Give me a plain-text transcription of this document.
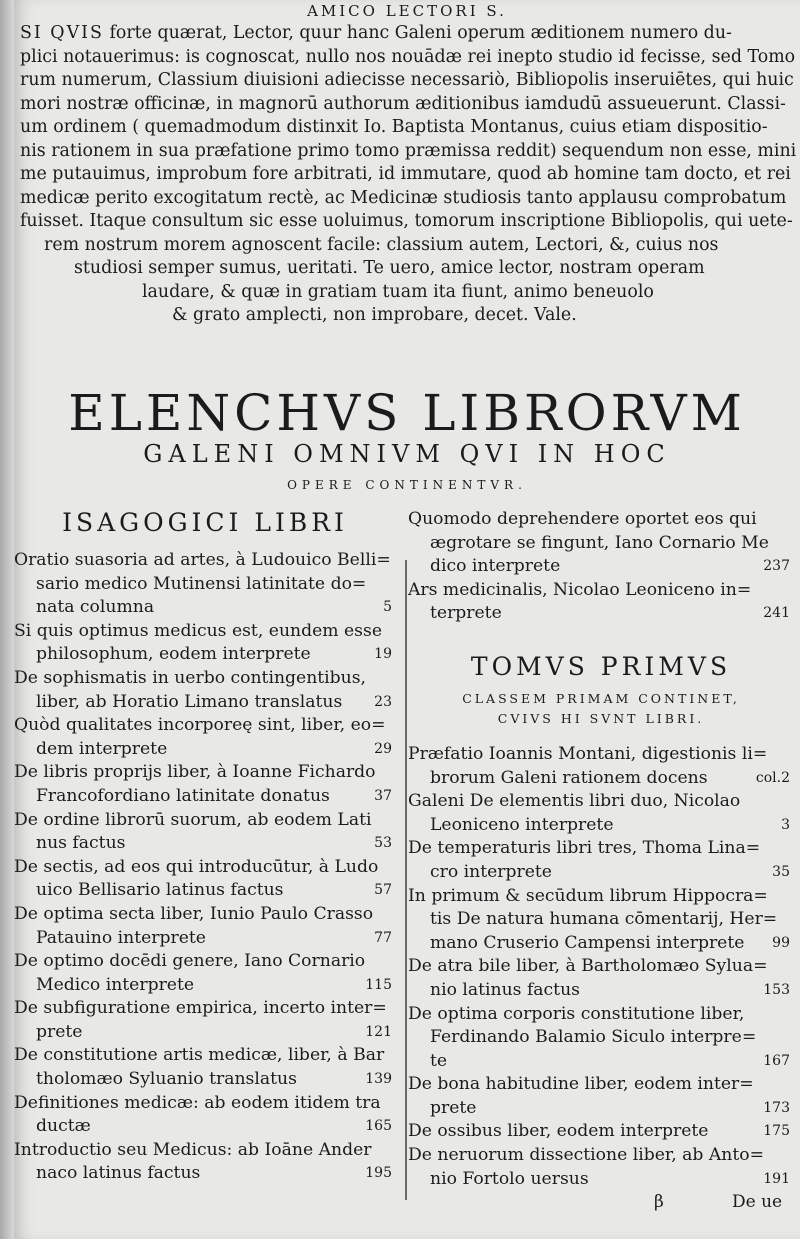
AMICO LECTORI S.
SI QVIS forte quærat, Lector, quur hanc Galeni operum æditionem numero du-
plici notauerimus: is cognoscat, nullo nos nouādæ rei inepto studio id fecisse, sed Tomo
rum numerum, Classium diuisioni adiecisse necessariò, Bibliopolis inseruiētes, qui huic
mori nostræ officinæ, in magnorū authorum æditionibus iamdudū assueuerunt. Classi-
um ordinem ( quemadmodum distinxit Io. Baptista Montanus, cuius etiam dispositio-
nis rationem in sua præfatione primo tomo præmissa reddit) sequendum non esse, mini
me putauimus, improbum fore arbitrati, id immutare, quod ab homine tam docto, et rei
medicæ perito excogitatum rectè, ac Medicinæ studiosis tanto applausu comprobatum
fuisset. Itaque consultum sic esse uoluimus, tomorum inscriptione Bibliopolis, qui uete-
rem nostrum morem agnoscent facile: classium autem, Lectori, &, cuius nos
studiosi semper sumus, ueritati. Te uero, amice lector, nostram operam
laudare, & quæ in gratiam tuam ita fiunt, animo beneuolo
& grato amplecti, non improbare, decet. Vale.
ELENCHVS LIBRORVM
GALENI OMNIVM QVI IN HOC
OPERE CONTINENTVR.
ISAGOGICI LIBRI
Oratio suasoria ad artes, à Ludouico Belli=
sario medico Mutinensi latinitate do=
nata columna	5
Si quis optimus medicus est, eundem esse
philosophum, eodem interprete	19
De sophismatis in uerbo contingentibus,
liber, ab Horatio Limano translatus	23
Quòd qualitates incorporeę sint, liber, eo=
dem interprete	29
De libris proprijs liber, à Ioanne Fichardo
Francofordiano latinitate donatus	37
De ordine librorū suorum, ab eodem Lati
nus factus	53
De sectis, ad eos qui introducūtur, à Ludo
uico Bellisario latinus factus	57
De optima secta liber, Iunio Paulo Crasso
Patauino interprete	77
De optimo docēdi genere, Iano Cornario
Medico interprete	115
De subfiguratione empirica, incerto inter=
prete	121
De constitutione artis medicæ, liber, à Bar
tholomæo Syluanio translatus	139
Definitiones medicæ: ab eodem itidem tra
ductæ	165
Introductio seu Medicus: ab Ioāne Ander
naco latinus factus	195
Quomodo deprehendere oportet eos qui
ægrotare se fingunt, Iano Cornario Me
dico interprete	237
Ars medicinalis, Nicolao Leoniceno in=
terprete	241
TOMVS PRIMVS
CLASSEM PRIMAM CONTINET,
CVIVS HI SVNT LIBRI.
Præfatio Ioannis Montani, digestionis li=
brorum Galeni rationem docens	col.2
Galeni De elementis libri duo, Nicolao
Leoniceno interprete	3
De temperaturis libri tres, Thoma Lina=
cro interprete	35
In primum & secūdum librum Hippocra=
tis De natura humana cōmentarij, Her=
mano Cruserio Campensi interprete	99
De atra bile liber, à Bartholomæo Sylua=
nio latinus factus	153
De optima corporis constitutione liber,
Ferdinando Balamio Siculo interpre=
te	167
De bona habitudine liber, eodem inter=
prete	173
De ossibus liber, eodem interprete	175
De neruorum dissectione liber, ab Anto=
nio Fortolo uersus	191
β	De ue
